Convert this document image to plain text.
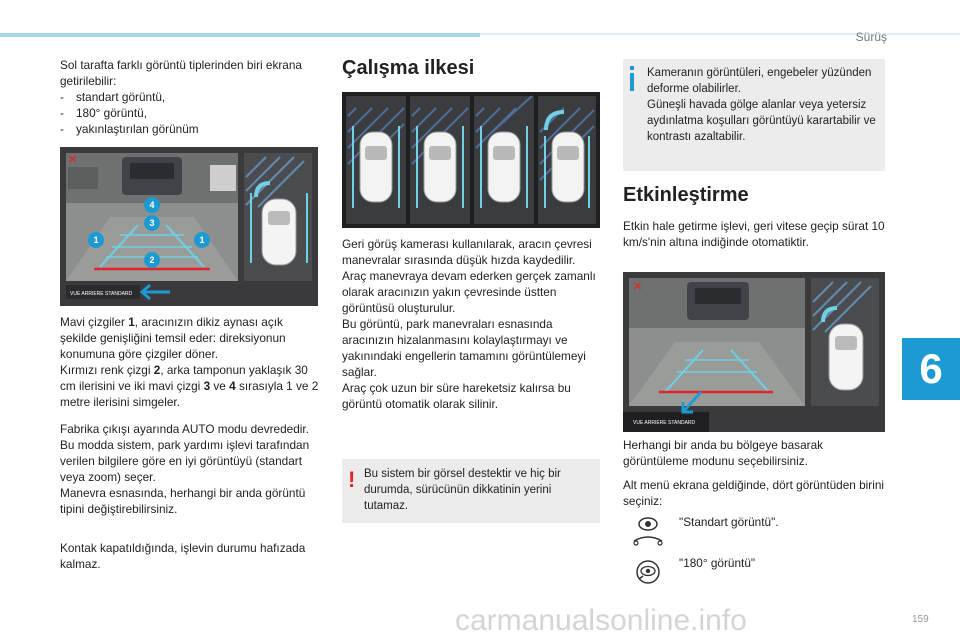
Sürüş
6
159

Sol tarafta farklı görüntü tiplerinden biri ekrana getirilebilir:

- standart görüntü,
- 180° görüntü,
- yakınlaştırılan görünüm
✕
VUE ARRIERE STANDARD
4
3
1	1
2

Mavi çizgiler 1, aracınızın dikiz aynası açık şekilde genişliğini temsil eder: direksiyonun konumuna göre çizgiler döner.

Kırmızı renk çizgi 2, arka tamponun yaklaşık 30 cm ilerisini ve iki mavi çizgi 3 ve 4 sırasıyla 1 ve 2 metre ilerisini simgeler.

Fabrika çıkışı ayarında AUTO modu devrededir. Bu modda sistem, park yardımı işlevi tarafından verilen bilgilere göre en iyi görüntüyü (standart veya zoom) seçer.

Manevra esnasında, herhangi bir anda görüntü tipini değiştirebilirsiniz.

Kontak kapatıldığında, işlevin durumu hafızada kalmaz.

Çalışma ilkesi

Geri görüş kamerası kullanılarak, aracın çevresi manevralar sırasında düşük hızda kaydedilir.

Araç manevraya devam ederken gerçek zamanlı olarak aracınızın yakın çevresinde üstten görüntüsü oluşturulur.

Bu görüntü, park manevraları esnasında aracınızın hizalanmasını kolaylaştırmayı ve yakınındaki engellerin tamamını görüntülemeyi sağlar.

Araç çok uzun bir süre hareketsiz kalırsa bu görüntü otomatik olarak silinir.

! Bu sistem bir görsel destektir ve hiç bir durumda, sürücünün dikkatinin yerini tutamaz.

Kameranın görüntüleri, engebeler yüzünden deforme olabilirler.

Güneşli havada gölge alanlar veya yetersiz aydınlatma koşulları görüntüyü karartabilir ve kontrastı azaltabilir.

Etkinleştirme
Etkin hale getirme işlevi, geri vitese geçip sürat 10 km/s'nin altına indiğinde otomatiktir.
✕
VUE ARRIERE STANDARD
Herhangi bir anda bu bölgeye basarak görüntüleme modunu seçebilirsiniz.
Alt menü ekrana geldiğinde, dört görüntüden birini seçiniz:
"Standart görüntü".
"180° görüntü"
carmanualsonline.info
